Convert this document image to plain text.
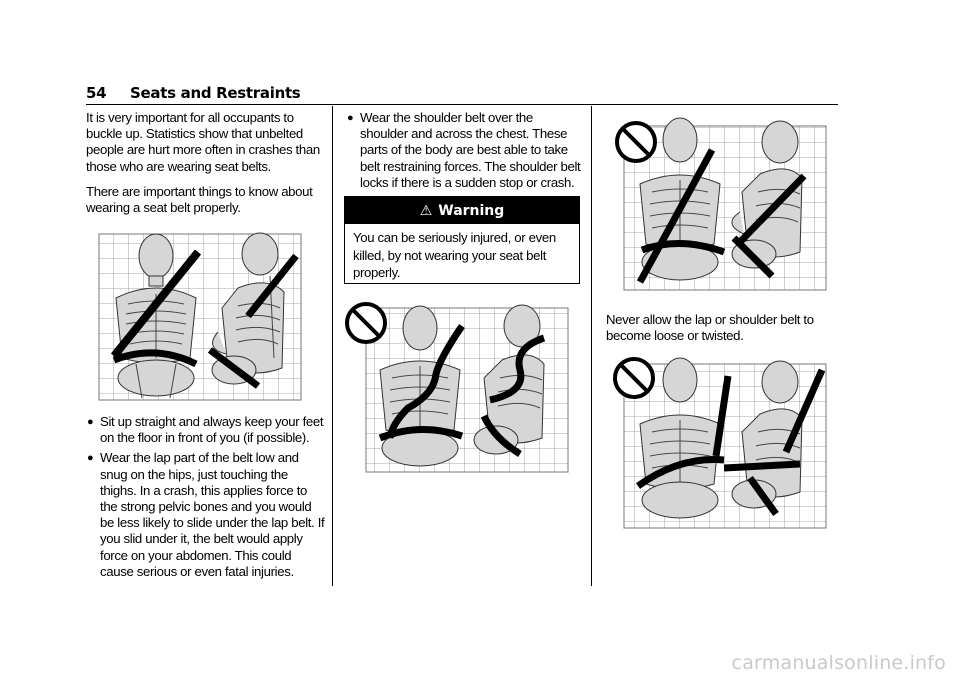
54 Seats and Restraints

It is very important for all occupants to buckle up. Statistics show that unbelted people are hurt more often in crashes than those who are wearing seat belts.

There are important things to know about wearing a seat belt properly.

● Sit up straight and always keep your feet on the floor in front of you (if possible).
● Wear the lap part of the belt low and snug on the hips, just touching the thighs. In a crash, this applies force to the strong pelvic bones and you would be less likely to slide under the lap belt. If you slid under it, the belt would apply force on your abdomen. This could cause serious or even fatal injuries.
● Wear the shoulder belt over the shoulder and across the chest. These parts of the body are best able to take belt restraining forces. The shoulder belt locks if there is a sudden stop or crash.
⚠ Warning
You can be seriously injured, or even killed, by not wearing your seat belt properly.

Never allow the lap or shoulder belt to become loose or twisted.

carmanualsonline.info
